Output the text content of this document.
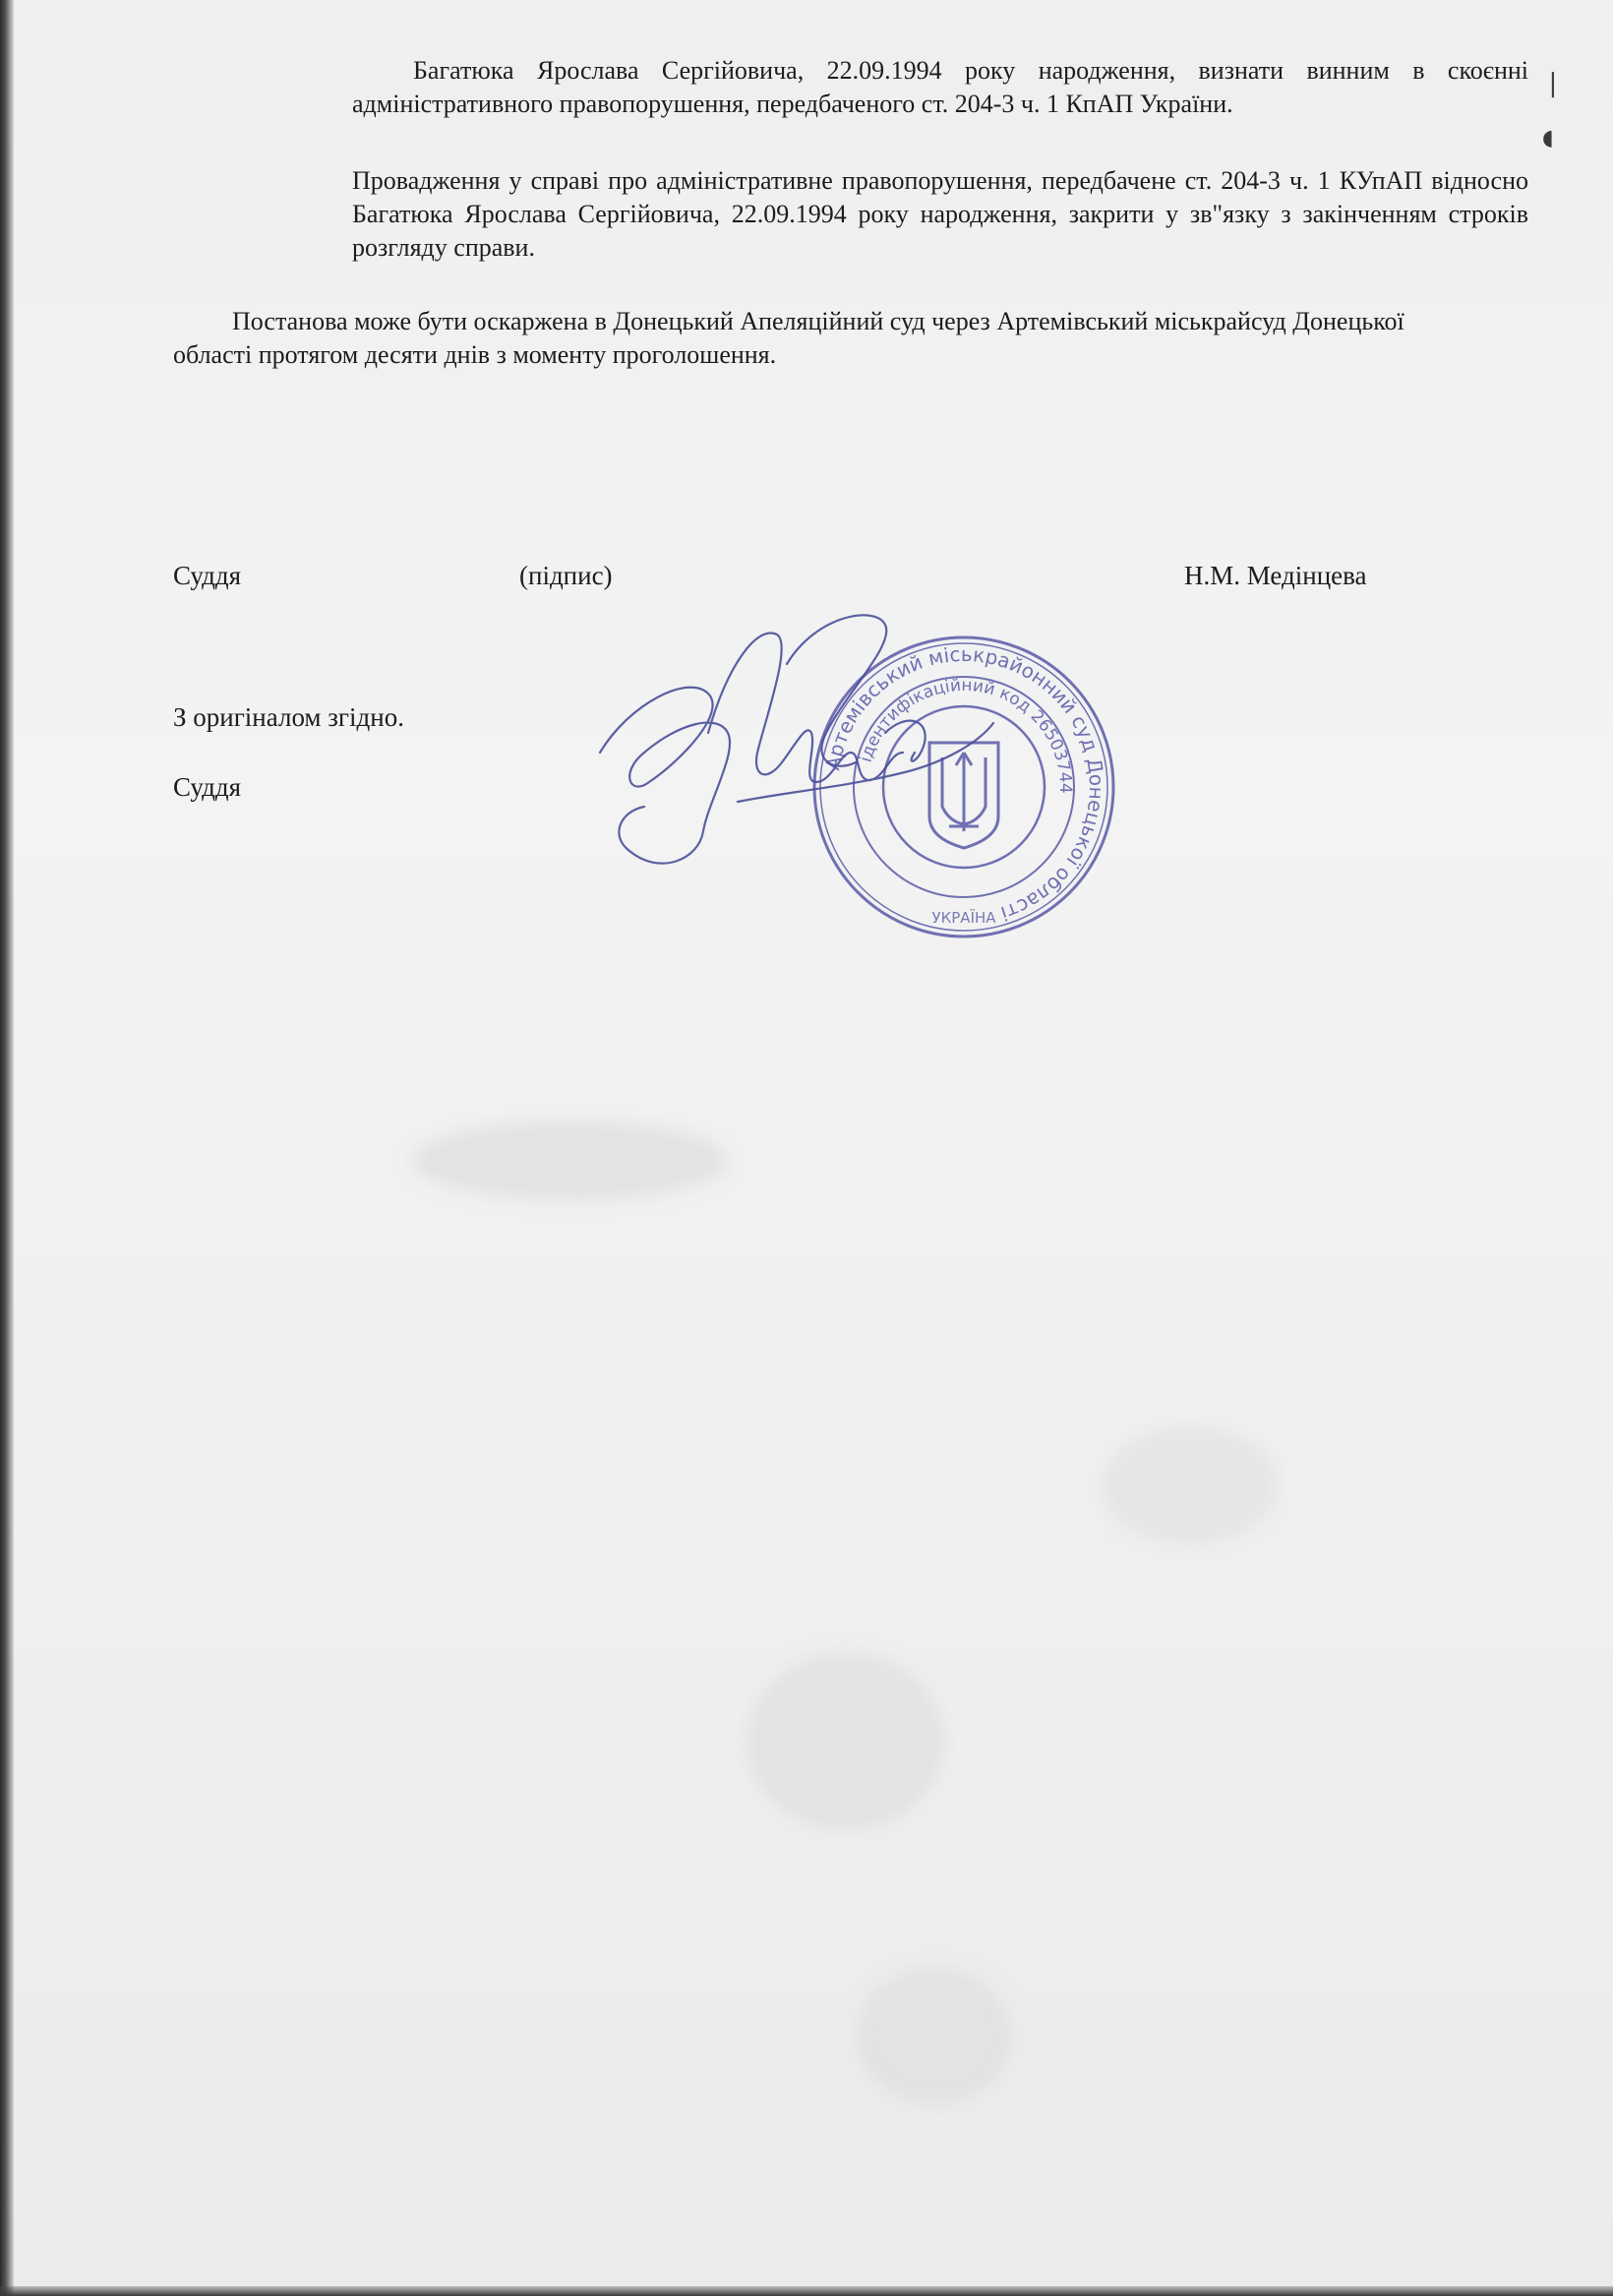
❘
◖

Багатюка Ярослава Сергійовича, 22.09.1994 року народження, визнати винним в скоєнні адміністративного правопорушення, передбаченого ст. 204-3 ч. 1 КпАП України.

Провадження у справі про адміністративне правопорушення, передбачене ст. 204-3 ч. 1 КУпАП відносно Багатюка Ярослава Сергійовича, 22.09.1994 року народження, закрити у зв"язку з закінченням строків розгляду справи.

Постанова може бути оскаржена в Донецький Апеляційний суд через Артемівський міськрайсуд Донецької області протягом десяти днів з моменту проголошення.

Суддя	(підпис)	Н.М. Медінцева
З оригіналом згідно.
Суддя
Артемівський міськрайонний суд Донецької області
ідентифікаційний код 26503744
УКРАЇНА
